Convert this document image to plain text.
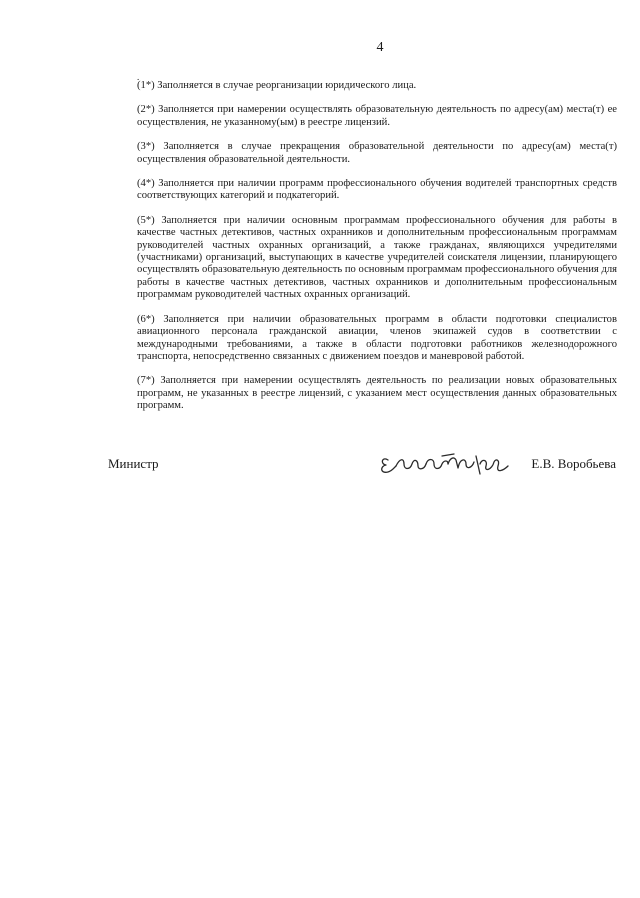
4
.

(1*) Заполняется в случае реорганизации юридического лица.

(2*) Заполняется при намерении осуществлять образовательную деятельность по адресу(ам) места(т) ее осуществления, не указанному(ым) в реестре лицензий.

(3*) Заполняется в случае прекращения образовательной деятельности по адресу(ам) места(т) осуществления образовательной деятельности.

(4*) Заполняется при наличии программ профессионального обучения водителей транспортных средств соответствующих категорий и подкатегорий.

(5*) Заполняется при наличии основным программам профессионального обучения для работы в качестве частных детективов, частных охранников и дополнительным профессиональным программам руководителей частных охранных организаций, а также гражданах, являющихся учредителями (участниками) организаций, выступающих в качестве учредителей соискателя лицензии, планирующего осуществлять образовательную деятельность по основным программам профессионального обучения для работы в качестве частных детективов, частных охранников и дополнительным профессиональным программам руководителей частных охранных организаций.

(6*) Заполняется при наличии образовательных программ в области подготовки специалистов авиационного персонала гражданской авиации, членов экипажей судов в соответствии с международными требованиями, а также в области подготовки работников железнодорожного транспорта, непосредственно связанных с движением поездов и маневровой работой.

(7*) Заполняется при намерении осуществлять деятельность по реализации новых образовательных программ, не указанных в реестре лицензий, с указанием мест осуществления данных образовательных программ.

Министр	Е.В. Воробьева
